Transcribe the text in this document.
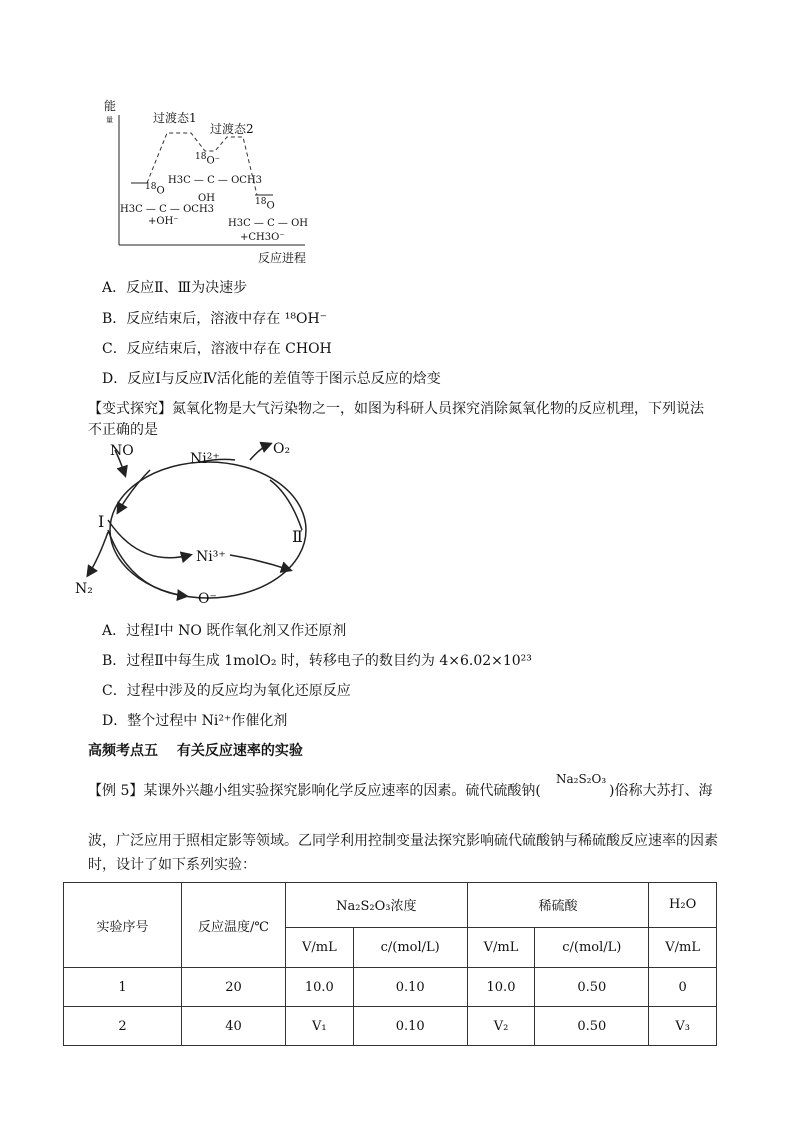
能
量	过渡态1
过渡态2
$^{18}$O
H3C — C — OCH3
+OH⁻
$^{18}$O⁻
H3C — C — OCH3
OH	$^{18}$O
H3C — C — OH
+CH3O⁻
反应进程
A．反应Ⅱ、Ⅲ为决速步
B．反应结束后，溶液中存在 ¹⁸OH⁻
C．反应结束后，溶液中存在 CHOH
D．反应Ⅰ与反应Ⅳ活化能的差值等于图示总反应的焓变
【变式探究】氮氧化物是大气污染物之一，如图为科研人员探究消除氮氧化物的反应机理，下列说法
不正确的是
NO	Ni²⁺
O₂
Ⅰ
Ⅱ
Ni³⁺
N₂
O⁻
A．过程Ⅰ中 NO 既作氧化剂又作还原剂
B．过程Ⅱ中每生成 1molO₂ 时，转移电子的数目约为 4×6.02×10²³
C．过程中涉及的反应均为氧化还原反应
D．整个过程中 Ni²⁺作催化剂
高频考点五　 有关反应速率的实验
【例 5】某课外兴趣小组实验探究影响化学反应速率的因素。硫代硫酸钠(
Na₂S₂O₃
)俗称大苏打、海
波，广泛应用于照相定影等领域。乙同学利用控制变量法探究影响硫代硫酸钠与稀硫酸反应速率的因素
时，设计了如下系列实验：
实验序号	反应温度/℃	Na₂S₂O₃浓度		稀硫酸		H₂O
		V/mL	c/(mol/L)	V/mL	c/(mol/L)	V/mL
1	20	10.0	0.10	10.0	0.50	0
2	40	V₁	0.10	V₂	0.50	V₃
